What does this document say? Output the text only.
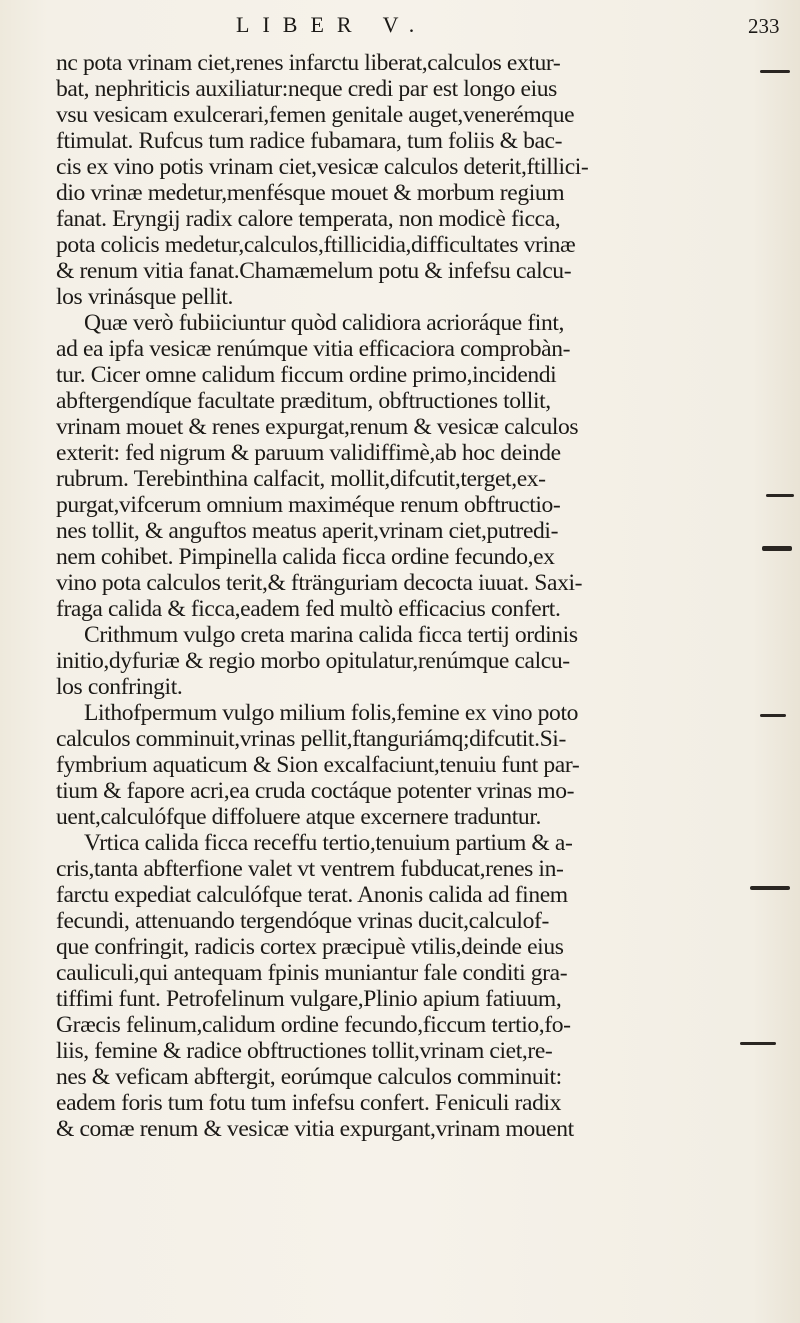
LIBER V.	233
nc pota vrinam ciet,renes infarctu liberat,calculos extur-
bat, nephriticis auxiliatur:neque credi par est longo eius
vsu vesicam exulcerari,femen genitale auget,venerémque
ftimulat. Rufcus tum radice fubamara, tum foliis & bac-
cis ex vino potis vrinam ciet,vesicæ calculos deterit,ftillici-
dio vrinæ medetur,menfésque mouet & morbum regium
fanat. Eryngij radix calore temperata, non modicè ficca,
pota colicis medetur,calculos,ftillicidia,difficultates vrinæ
& renum vitia fanat.Chamæmelum potu & infefsu calcu-
los vrinásque pellit.
Quæ verò fubiiciuntur quòd calidiora acrioráque fint,
ad ea ipfa vesicæ renúmque vitia efficaciora comprobàn-
tur. Cicer omne calidum ficcum ordine primo,incidendi
abftergendíque facultate præditum, obftructiones tollit,
vrinam mouet & renes expurgat,renum & vesicæ calculos
exterit: fed nigrum & paruum validiffimè,ab hoc deinde
rubrum. Terebinthina calfacit, mollit,difcutit,terget,ex-
purgat,vifcerum omnium maximéque renum obftructio-
nes tollit, & anguftos meatus aperit,vrinam ciet,putredi-
nem cohibet. Pimpinella calida ficca ordine fecundo,ex
vino pota calculos terit,& ftränguriam decocta iuuat. Saxi-
fraga calida & ficca,eadem fed multò efficacius confert.
Crithmum vulgo creta marina calida ficca tertij ordinis
initio,dyfuriæ & regio morbo opitulatur,renúmque calcu-
los confringit.
Lithofpermum vulgo milium folis,femine ex vino poto
calculos comminuit,vrinas pellit,ftanguriámq;difcutit.Si-
fymbrium aquaticum & Sion excalfaciunt,tenuiu funt par-
tium & fapore acri,ea cruda coctáque potenter vrinas mo-
uent,calculófque diffoluere atque excernere traduntur.
Vrtica calida ficca receffu tertio,tenuium partium & a-
cris,tanta abfterfione valet vt ventrem fubducat,renes in-
farctu expediat calculófque terat. Anonis calida ad finem
fecundi, attenuando tergendóque vrinas ducit,calculof-
que confringit, radicis cortex præcipuè vtilis,deinde eius
cauliculi,qui antequam fpinis muniantur fale conditi gra-
tiffimi funt. Petrofelinum vulgare,Plinio apium fatiuum,
Græcis felinum,calidum ordine fecundo,ficcum tertio,fo-
liis, femine & radice obftructiones tollit,vrinam ciet,re-
nes & veficam abftergit, eorúmque calculos comminuit:
eadem foris tum fotu tum infefsu confert. Feniculi radix
& comæ renum & vesicæ vitia expurgant,vrinam mouent
